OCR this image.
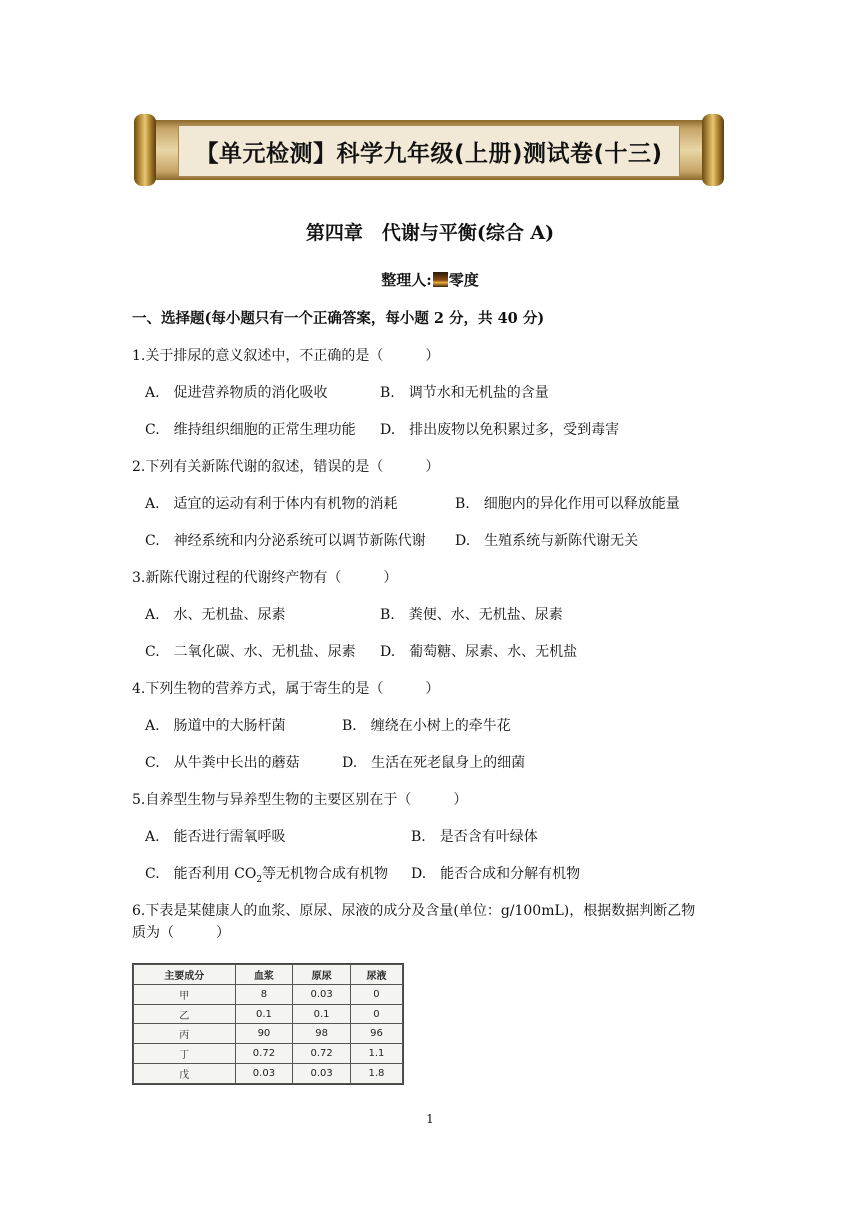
【单元检测】科学九年级(上册)测试卷(十三)
第四章　代谢与平衡(综合 A)
整理人: 零度
一、选择题(每小题只有一个正确答案，每小题 2 分，共 40 分)
1.关于排尿的意义叙述中，不正确的是（　　　）
A.　促进营养物质的消化吸收	B.　调节水和无机盐的含量
C.　维持组织细胞的正常生理功能 D.　排出废物以免积累过多，受到毒害
2.下列有关新陈代谢的叙述，错误的是（　　　）
A.　适宜的运动有利于体内有机物的消耗	B.　细胞内的异化作用可以释放能量
C.　神经系统和内分泌系统可以调节新陈代谢 D.　生殖系统与新陈代谢无关
3.新陈代谢过程的代谢终产物有（　　　）
A.　水、无机盐、尿素	B.　粪便、水、无机盐、尿素
C.　二氧化碳、水、无机盐、尿素 D.　葡萄糖、尿素、水、无机盐
4.下列生物的营养方式，属于寄生的是（　　　）
A.　肠道中的大肠杆菌	B.　缠绕在小树上的牵牛花
C.　从牛粪中长出的蘑菇	D.　生活在死老鼠身上的细菌
5.自养型生物与异养型生物的主要区别在于（　　　）
A.　能否进行需氧呼吸	B.　是否含有叶绿体
C.　能否利用 $CO_2$等无机物合成有机物 D.　能否合成和分解有机物
6.下表是某健康人的血浆、原尿、尿液的成分及含量(单位：g/100mL)，根据数据判断乙物
质为（　　　）
主要成分	血浆	原尿	尿液
甲	8	0.03	0
乙	0.1	0.1	0
丙	90	98	96
丁	0.72	0.72	1.1
戊	0.03	0.03	1.8
1
